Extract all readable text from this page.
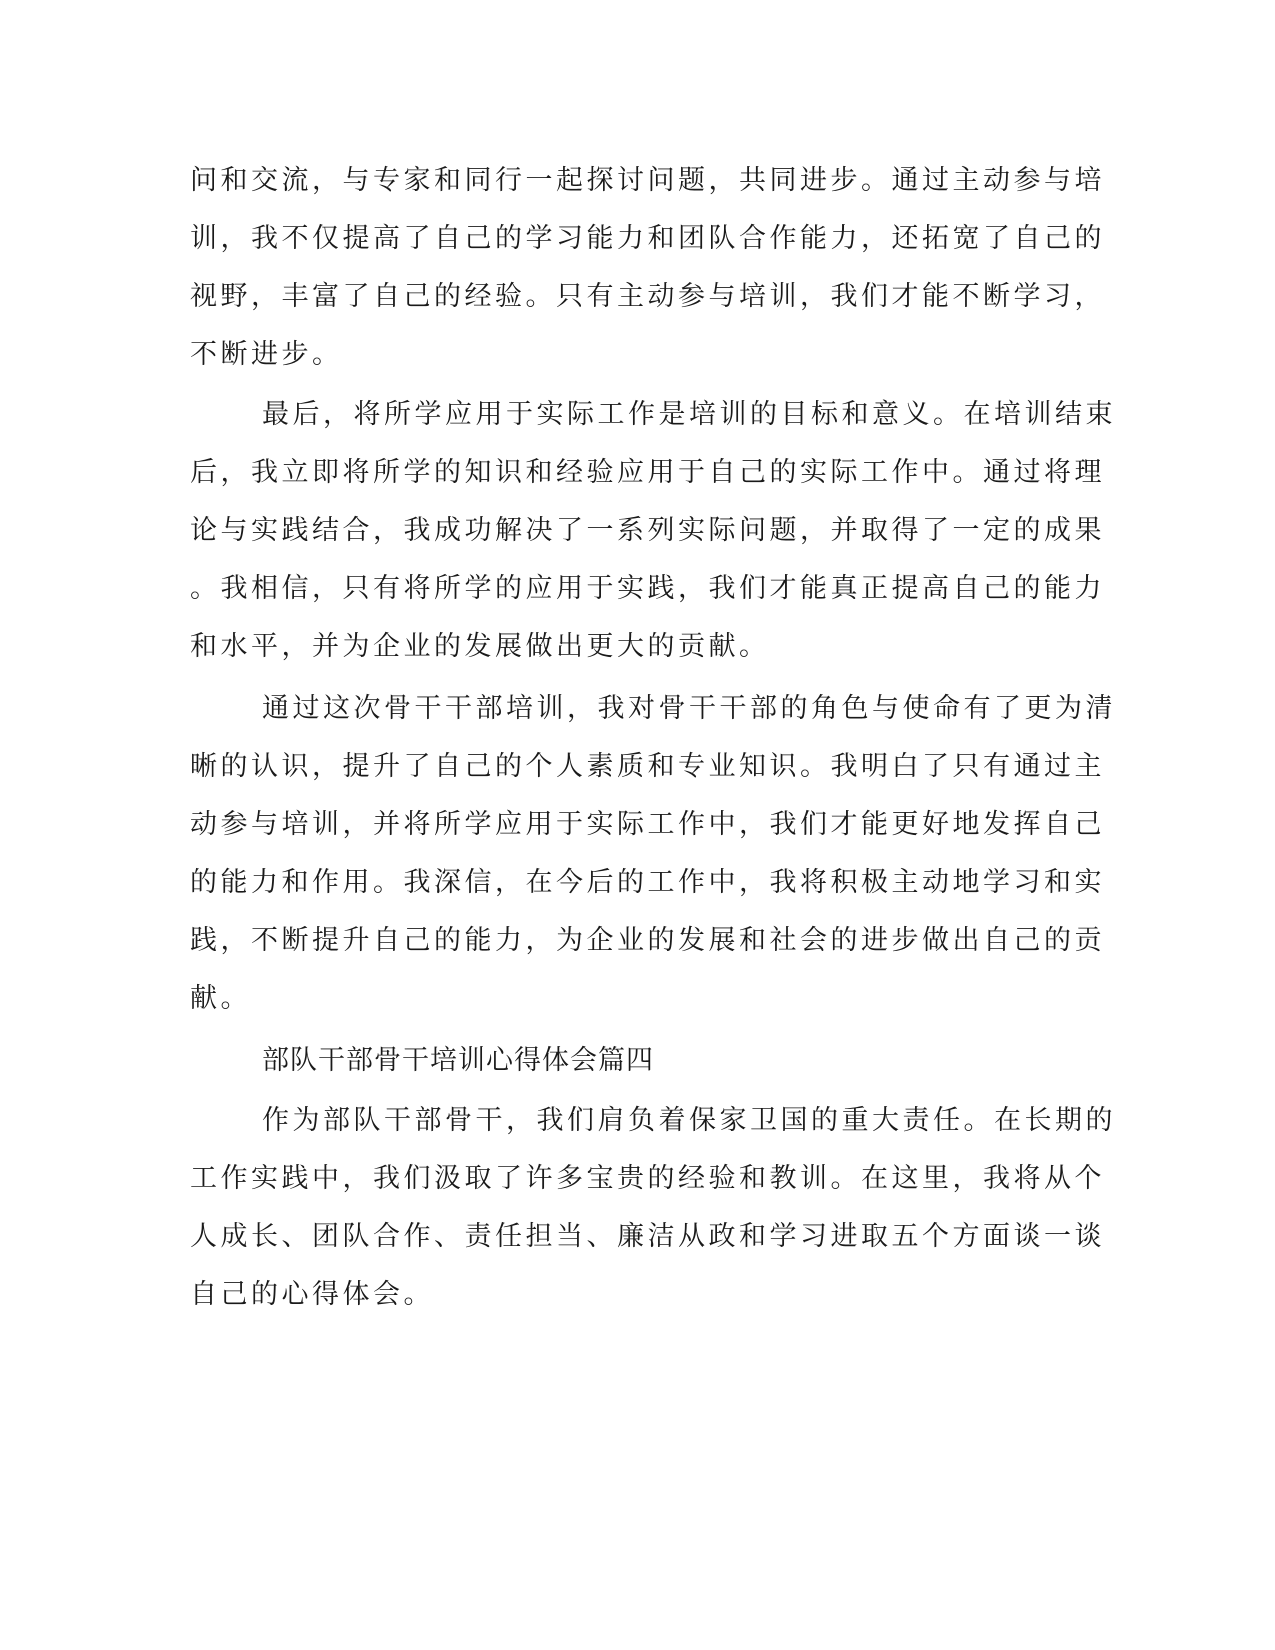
问和交流，与专家和同行一起探讨问题，共同进步。通过主动参与培
训，我不仅提高了自己的学习能力和团队合作能力，还拓宽了自己的
视野，丰富了自己的经验。只有主动参与培训，我们才能不断学习，
不断进步。
最后，将所学应用于实际工作是培训的目标和意义。在培训结束
后，我立即将所学的知识和经验应用于自己的实际工作中。通过将理
论与实践结合，我成功解决了一系列实际问题，并取得了一定的成果
。我相信，只有将所学的应用于实践，我们才能真正提高自己的能力
和水平，并为企业的发展做出更大的贡献。
通过这次骨干干部培训，我对骨干干部的角色与使命有了更为清
晰的认识，提升了自己的个人素质和专业知识。我明白了只有通过主
动参与培训，并将所学应用于实际工作中，我们才能更好地发挥自己
的能力和作用。我深信，在今后的工作中，我将积极主动地学习和实
践，不断提升自己的能力，为企业的发展和社会的进步做出自己的贡
献。
部队干部骨干培训心得体会篇四
作为部队干部骨干，我们肩负着保家卫国的重大责任。在长期的
工作实践中，我们汲取了许多宝贵的经验和教训。在这里，我将从个
人成长、团队合作、责任担当、廉洁从政和学习进取五个方面谈一谈
自己的心得体会。
